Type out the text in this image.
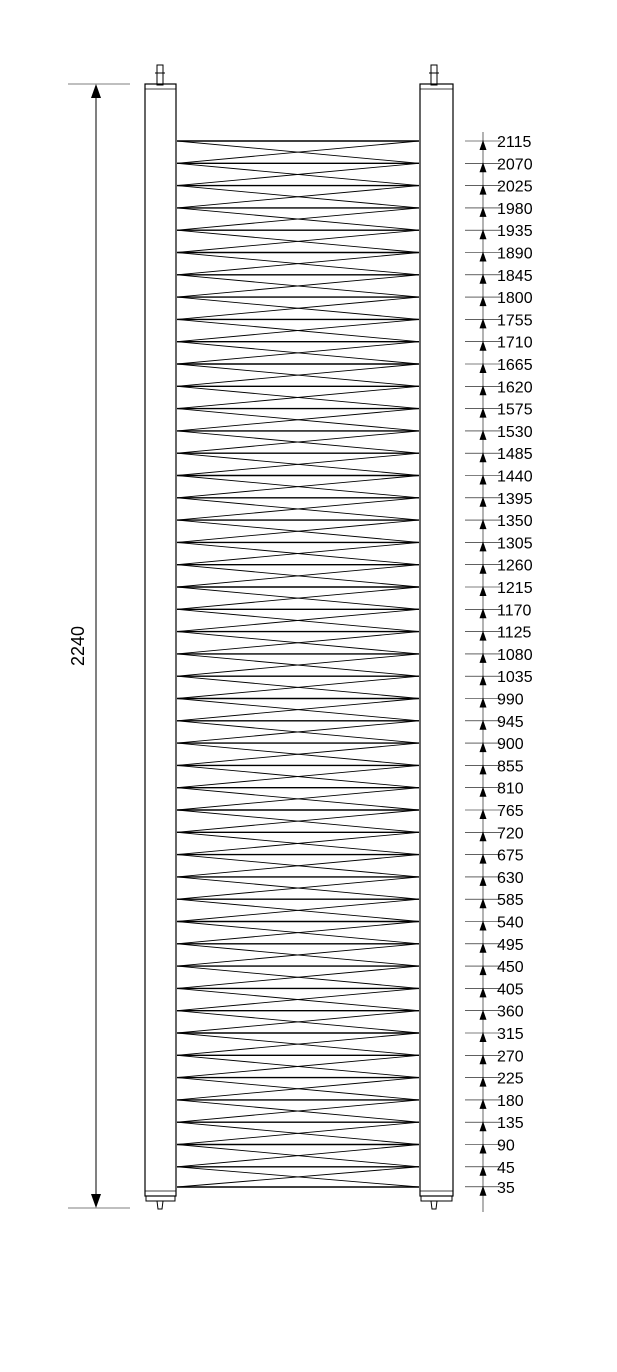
2240
2115
2070
2025
1980
1935
1890
1845
1800
1755
1710
1665
1620
1575
1530
1485
1440
1395
1350
1305
1260
1215
1170
1125
1080
1035
990
945
900
855
810
765
720
675
630
585
540
495
450
405
360
315
270
225
180
135
90
45
35
